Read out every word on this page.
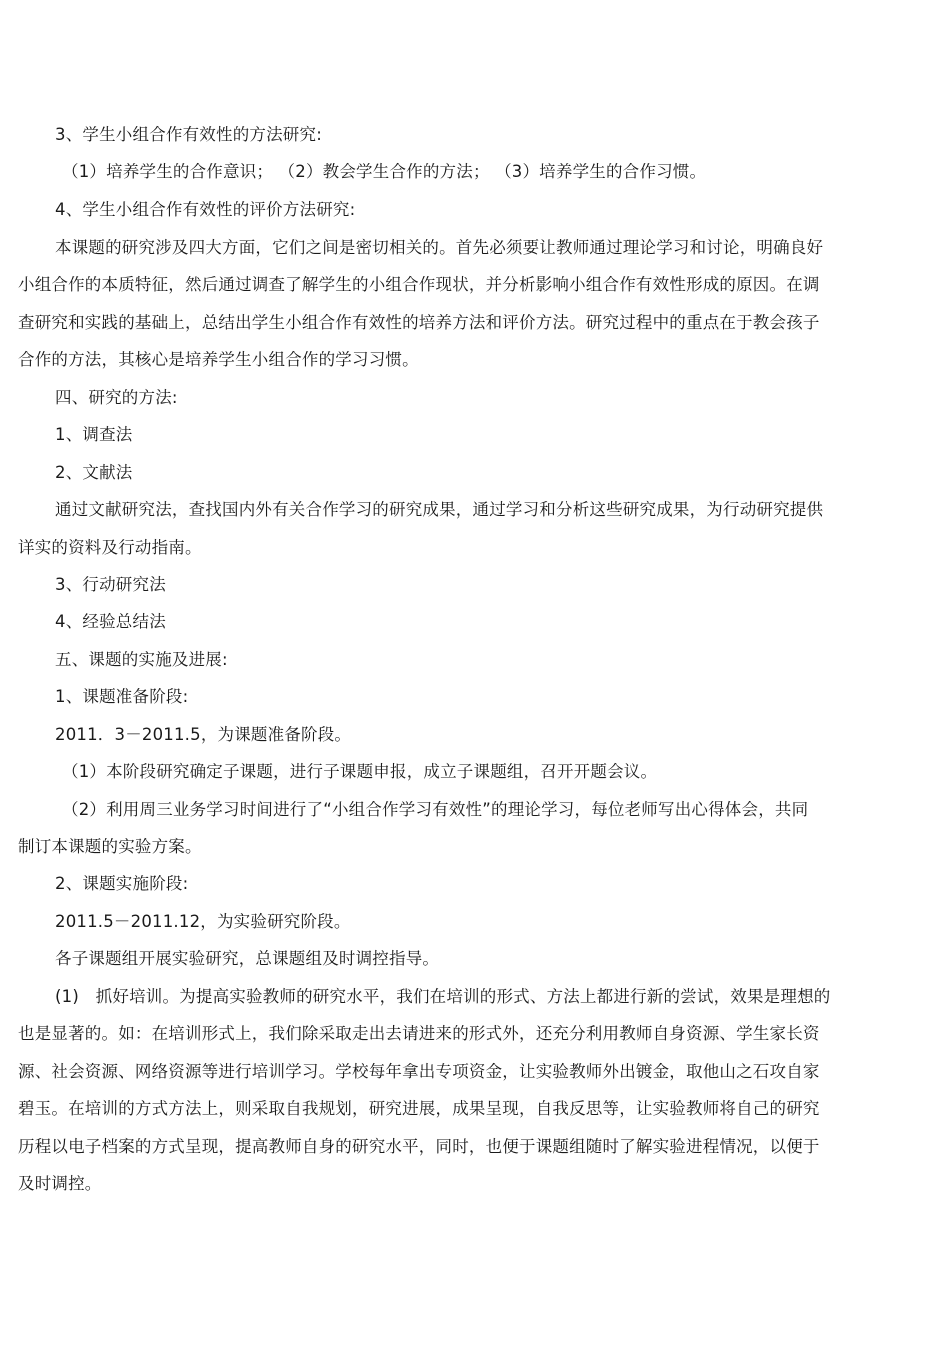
3、学生小组合作有效性的方法研究:
（1）培养学生的合作意识； （2）教会学生合作的方法； （3）培养学生的合作习惯。
4、学生小组合作有效性的评价方法研究:
本课题的研究涉及四大方面，它们之间是密切相关的。首先必须要让教师通过理论学习和讨论，明确良好
小组合作的本质特征，然后通过调查了解学生的小组合作现状，并分析影响小组合作有效性形成的原因。在调
查研究和实践的基础上，总结出学生小组合作有效性的培养方法和评价方法。研究过程中的重点在于教会孩子
合作的方法，其核心是培养学生小组合作的学习习惯。
四、研究的方法:
1、调查法
2、文献法
通过文献研究法，查找国内外有关合作学习的研究成果，通过学习和分析这些研究成果，为行动研究提供
详实的资料及行动指南。
3、行动研究法
4、经验总结法
五、课题的实施及进展:
1、课题准备阶段:
2011．3－2011.5，为课题准备阶段。
（1）本阶段研究确定子课题，进行子课题申报，成立子课题组，召开开题会议。
（2）利用周三业务学习时间进行了“小组合作学习有效性”的理论学习，每位老师写出心得体会，共同
制订本课题的实验方案。
2、课题实施阶段:
2011.5－2011.12，为实验研究阶段。
各子课题组开展实验研究，总课题组及时调控指导。
(1)　抓好培训。为提高实验教师的研究水平，我们在培训的形式、方法上都进行新的尝试，效果是理想的
也是显著的。如：在培训形式上，我们除采取走出去请进来的形式外，还充分利用教师自身资源、学生家长资
源、社会资源、网络资源等进行培训学习。学校每年拿出专项资金，让实验教师外出镀金，取他山之石攻自家
碧玉。在培训的方式方法上，则采取自我规划，研究进展，成果呈现，自我反思等，让实验教师将自己的研究
历程以电子档案的方式呈现，提高教师自身的研究水平，同时，也便于课题组随时了解实验进程情况，以便于
及时调控。
